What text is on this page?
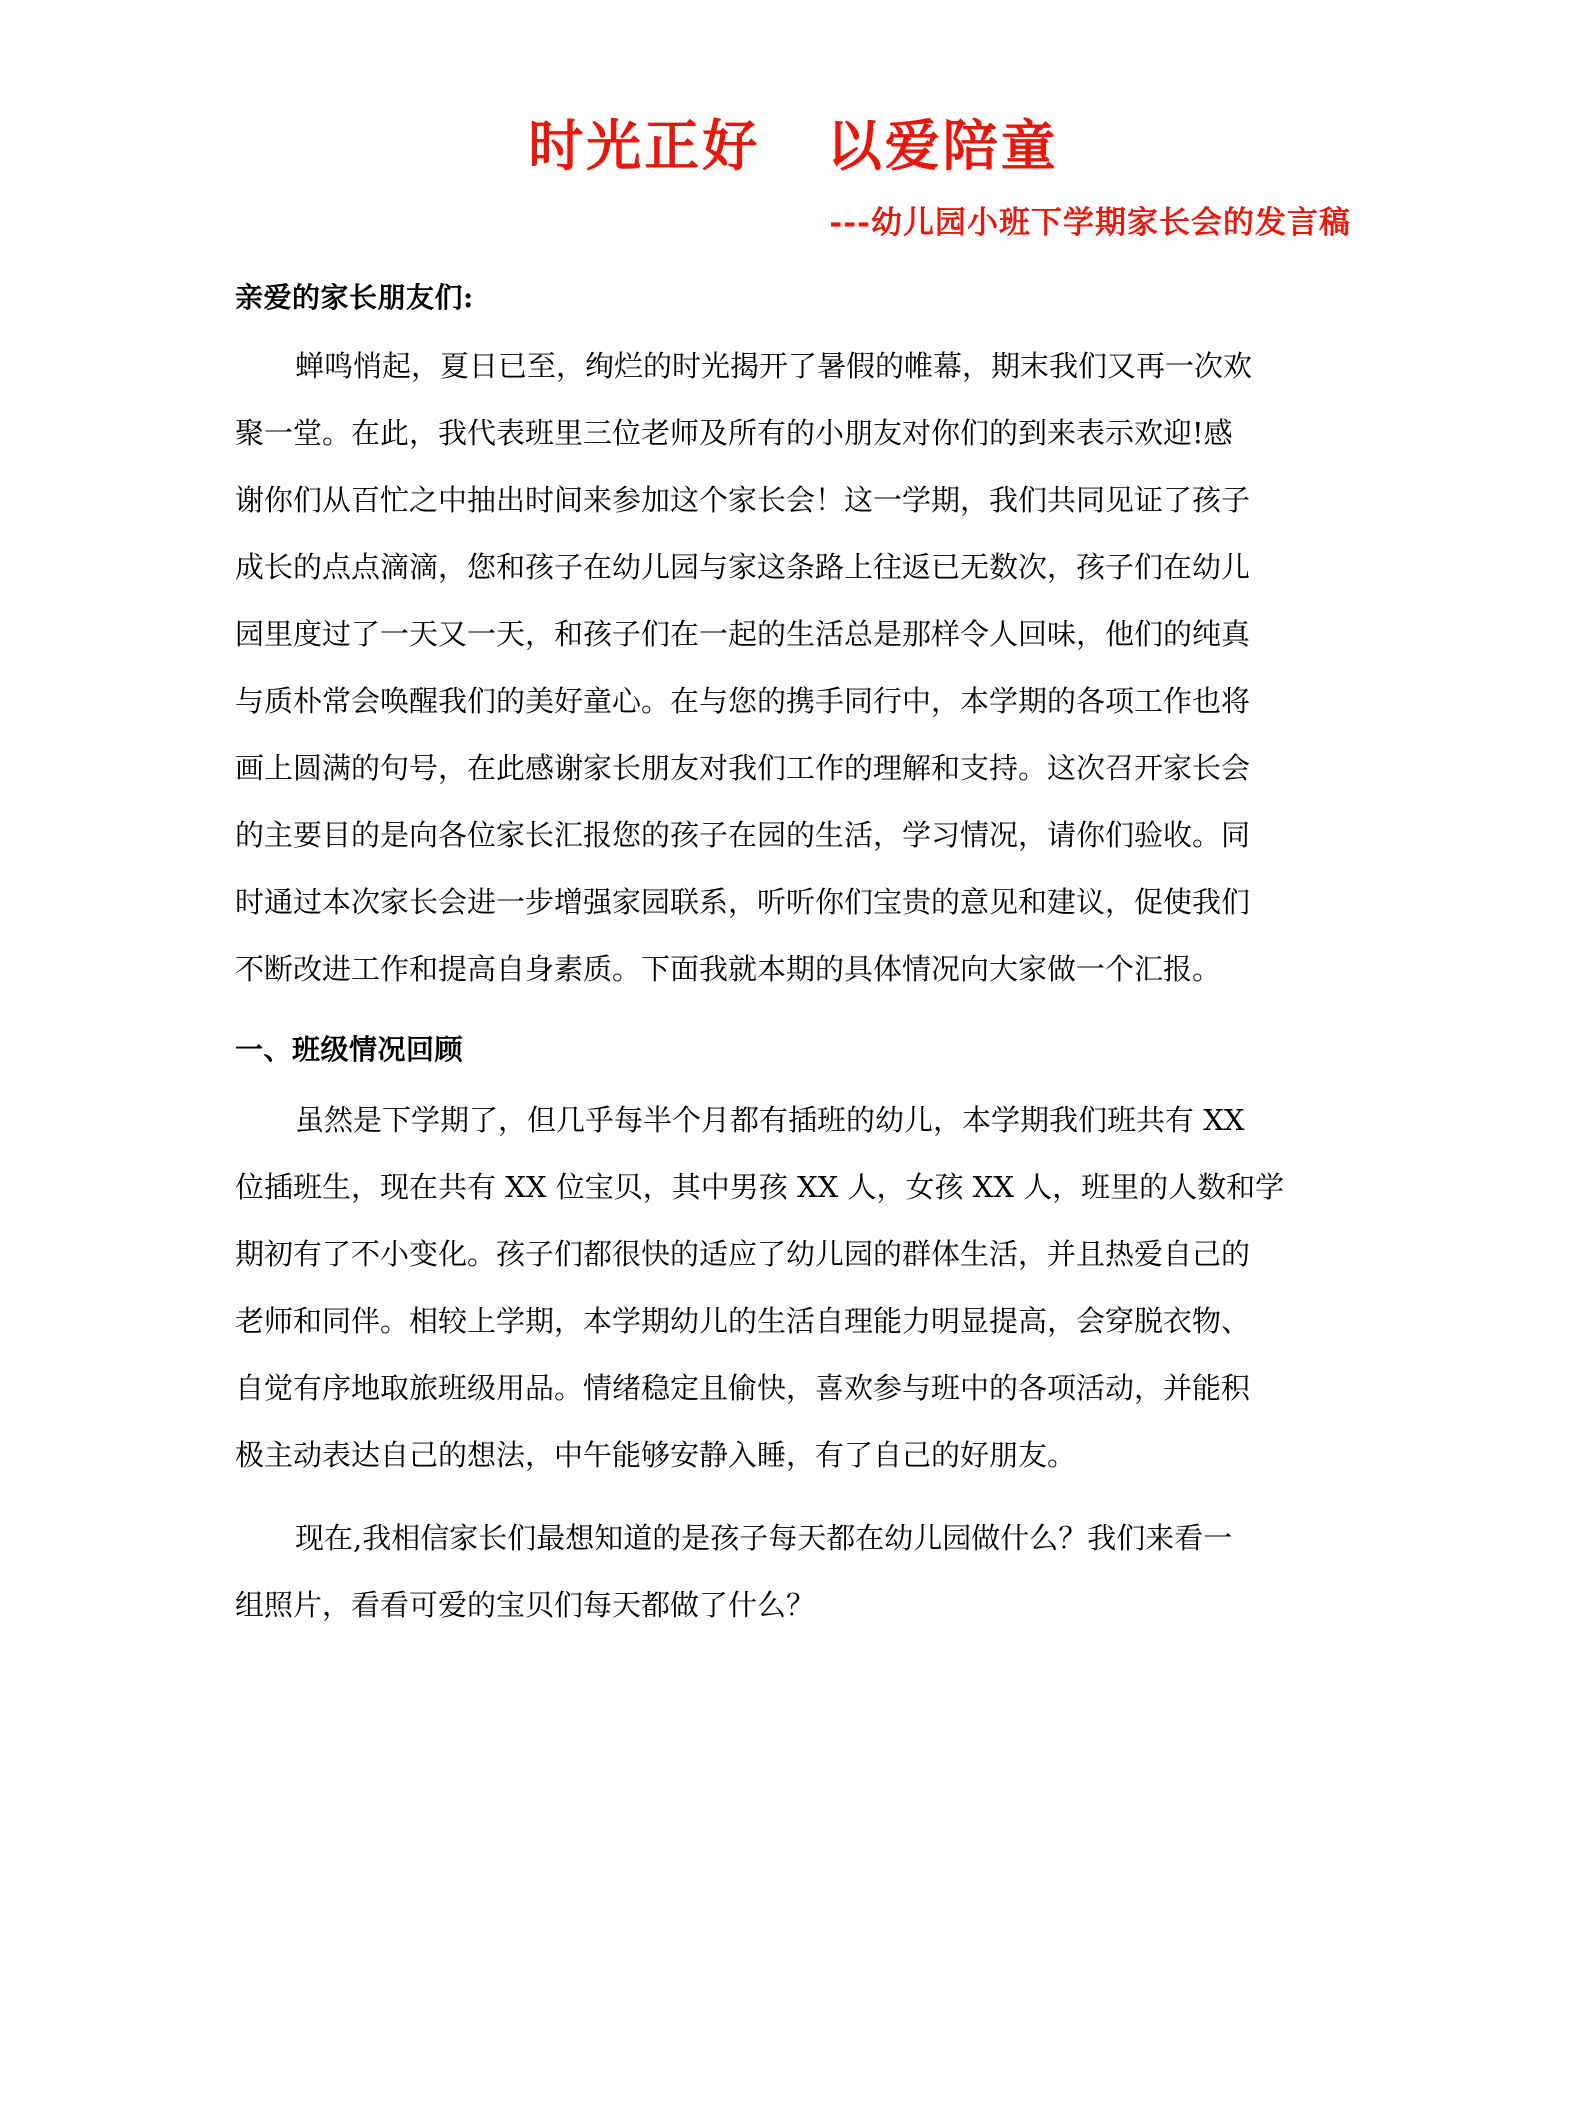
时光正好   以爱陪童
---幼儿园小班下学期家长会的发言稿
亲爱的家长朋友们:
蝉鸣悄起，夏日已至，绚烂的时光揭开了暑假的帷幕，期末我们又再一次欢
聚一堂。在此，我代表班里三位老师及所有的小朋友对你们的到来表示欢迎!感
谢你们从百忙之中抽出时间来参加这个家长会！这一学期，我们共同见证了孩子
成长的点点滴滴，您和孩子在幼儿园与家这条路上往返已无数次，孩子们在幼儿
园里度过了一天又一天，和孩子们在一起的生活总是那样令人回味，他们的纯真
与质朴常会唤醒我们的美好童心。在与您的携手同行中，本学期的各项工作也将
画上圆满的句号，在此感谢家长朋友对我们工作的理解和支持。这次召开家长会
的主要目的是向各位家长汇报您的孩子在园的生活，学习情况，请你们验收。同
时通过本次家长会进一步增强家园联系，听听你们宝贵的意见和建议，促使我们
不断改进工作和提高自身素质。下面我就本期的具体情况向大家做一个汇报。
一、班级情况回顾
虽然是下学期了，但几乎每半个月都有插班的幼儿，本学期我们班共有 XX
位插班生，现在共有 XX 位宝贝，其中男孩 XX 人，女孩 XX 人，班里的人数和学
期初有了不小变化。孩子们都很快的适应了幼儿园的群体生活，并且热爱自己的
老师和同伴。相较上学期，本学期幼儿的生活自理能力明显提高，会穿脱衣物、
自觉有序地取旅班级用品。情绪稳定且偷快，喜欢参与班中的各项活动，并能积
极主动表达自己的想法，中午能够安静入睡，有了自己的好朋友。
现在,我相信家长们最想知道的是孩子每天都在幼儿园做什么？我们来看一
组照片，看看可爱的宝贝们每天都做了什么？
